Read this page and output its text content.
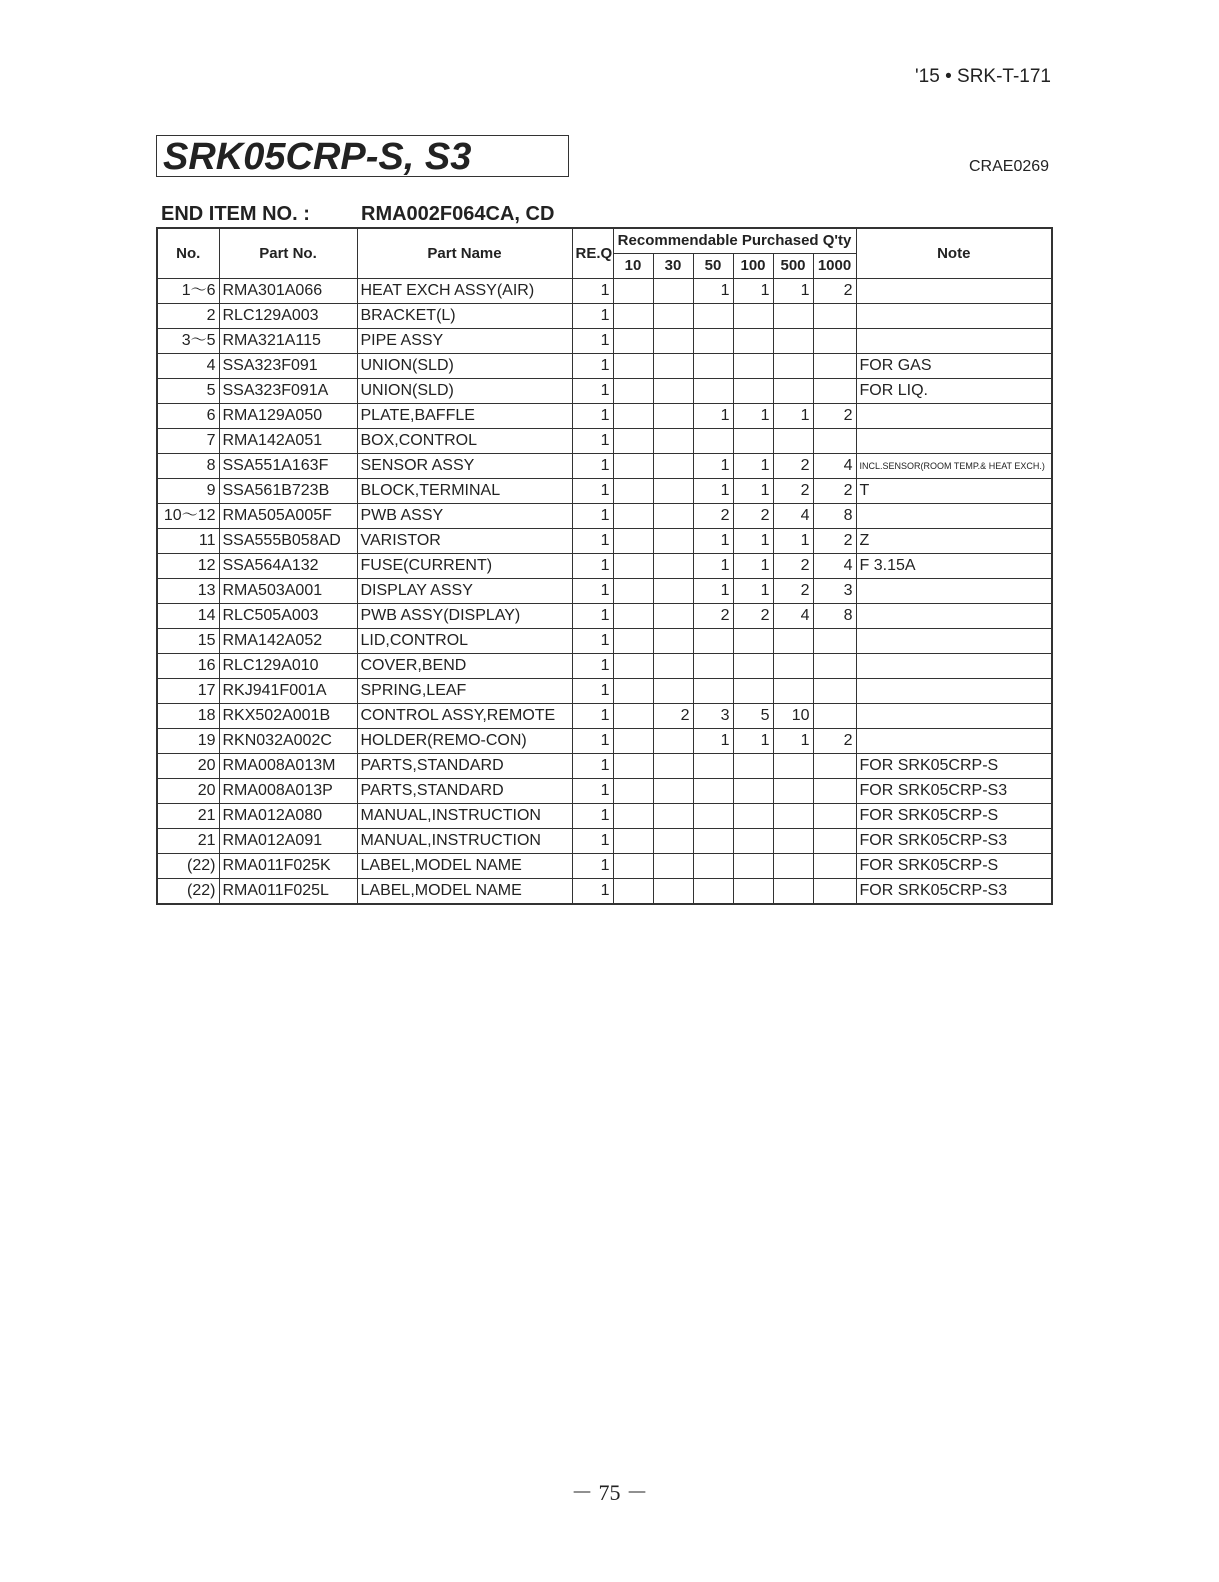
'15 • SRK-T-171
SRK05CRP-S, S3	CRAE0269
END ITEM NO. :	RMA002F064CA, CD
No.	Part No.	Part Name	RE.Q	Recommendable Purchased Q'ty						Note
				10	30	50	100	500	1000	
1～6	RMA301A066	HEAT EXCH ASSY(AIR)	1			1	1	1	2	
2	RLC129A003	BRACKET(L)	1							
3～5	RMA321A115	PIPE ASSY	1							
4	SSA323F091	UNION(SLD)	1							FOR GAS
5	SSA323F091A	UNION(SLD)	1							FOR LIQ.
6	RMA129A050	PLATE,BAFFLE	1			1	1	1	2	
7	RMA142A051	BOX,CONTROL	1							
8	SSA551A163F	SENSOR ASSY	1			1	1	2	4	INCL.SENSOR(ROOM TEMP.& HEAT EXCH.)
9	SSA561B723B	BLOCK,TERMINAL	1			1	1	2	2	T
10～12	RMA505A005F	PWB ASSY	1			2	2	4	8	
11	SSA555B058AD	VARISTOR	1			1	1	1	2	Z
12	SSA564A132	FUSE(CURRENT)	1			1	1	2	4	F 3.15A
13	RMA503A001	DISPLAY ASSY	1			1	1	2	3	
14	RLC505A003	PWB ASSY(DISPLAY)	1			2	2	4	8	
15	RMA142A052	LID,CONTROL	1							
16	RLC129A010	COVER,BEND	1							
17	RKJ941F001A	SPRING,LEAF	1							
18	RKX502A001B	CONTROL ASSY,REMOTE	1		2	3	5	10		
19	RKN032A002C	HOLDER(REMO-CON)	1			1	1	1	2	
20	RMA008A013M	PARTS,STANDARD	1							FOR SRK05CRP-S
20	RMA008A013P	PARTS,STANDARD	1							FOR SRK05CRP-S3
21	RMA012A080	MANUAL,INSTRUCTION	1							FOR SRK05CRP-S
21	RMA012A091	MANUAL,INSTRUCTION	1							FOR SRK05CRP-S3
(22)	RMA011F025K	LABEL,MODEL NAME	1							FOR SRK05CRP-S
(22)	RMA011F025L	LABEL,MODEL NAME	1							FOR SRK05CRP-S3
－ 75 －
